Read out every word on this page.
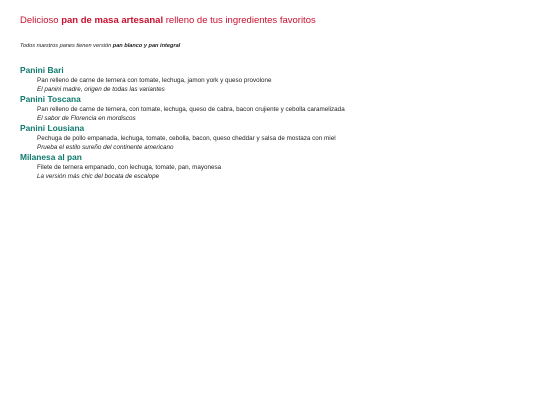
Delicioso pan de masa artesanal relleno de tus ingredientes favoritos

Todos nuestros panes tienen versión pan blanco y pan integral

Panini Bari

Pan relleno de carne de ternera con tomate, lechuga, jamon york y queso provolone
El panini madre, origen de todas las variantes

Panini Toscana

Pan relleno de carne de ternera, con tomate, lechuga, queso de cabra, bacon crujiente y cebolla caramelizada
El sabor de Florencia en mordiscos

Panini Lousiana

Pechuga de pollo empanada, lechuga, tomate, cebolla, bacon, queso cheddar y salsa de mostaza con miel
Prueba el estilo sureño del continente americano

Milanesa al pan

Filete de ternera empanado, con lechuga, tomate, pan, mayonesa
La versión más chic del bocata de escalope
